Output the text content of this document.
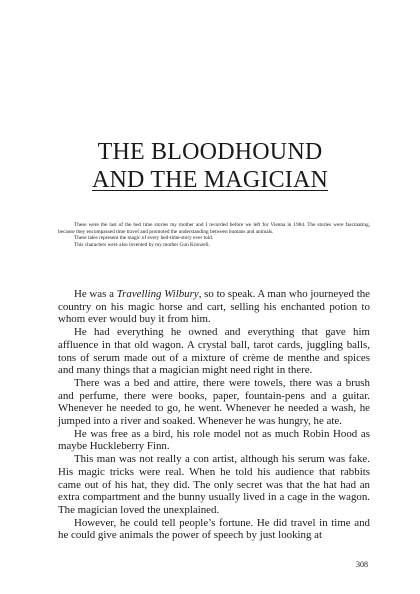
THE BLOODHOUND
AND THE MAGICIAN

These were the last of the bed time stories my mother and I recorded before we left for Vienna in 1984. The stories were fascinating, because they encompassed time travel and promoted the understanding between humans and animals.

These tales represent the magic of every bed-time-story ever told.

This characters were also invented by my mother Gun Kronzell.

He was a Travelling Wilbury, so to speak. A man who journeyed the country on his magic horse and cart, selling his enchanted potion to whom ever would buy it from him.

He had everything he owned and everything that gave him affluence in that old wagon. A crystal ball, tarot cards, juggling balls, tons of serum made out of a mixture of crème de menthe and spices and many things that a magician might need right in there.

There was a bed and attire, there were towels, there was a brush and perfume, there were books, paper, fountain-pens and a guitar. Whenever he needed to go, he went. Whenever he needed a wash, he jumped into a river and soaked. Whenever he was hungry, he ate.

He was free as a bird, his role model not as much Robin Hood as maybe Huckleberry Finn.

This man was not really a con artist, although his serum was fake. His magic tricks were real. When he told his audience that rabbits came out of his hat, they did. The only secret was that the hat had an extra compartment and the bunny usually lived in a cage in the wagon. The magician loved the unexplained.

However, he could tell people’s fortune. He did travel in time and he could give animals the power of speech by just looking at

308
